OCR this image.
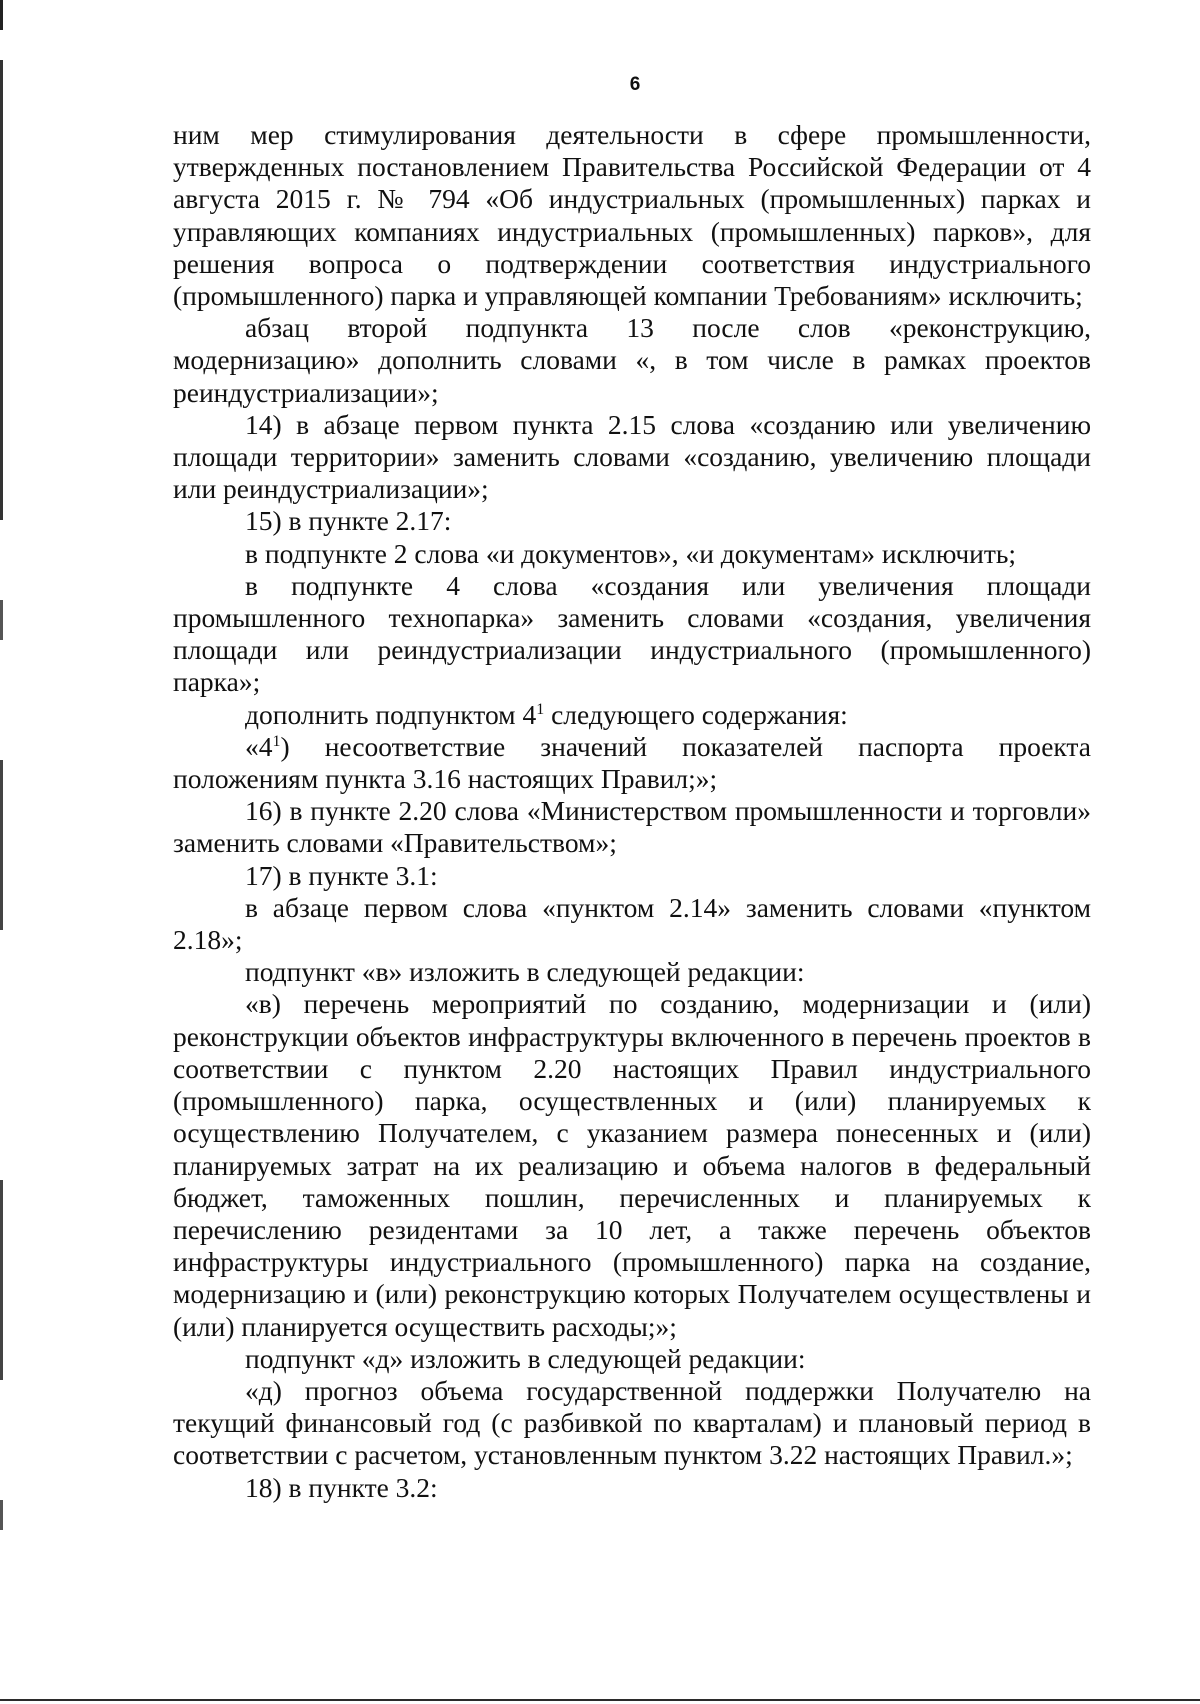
6

ним мер стимулирования деятельности в сфере промышленности, утвержденных постановлением Правительства Российской Федерации от 4 августа 2015 г. № 794 «Об индустриальных (промышленных) парках и управляющих компаниях индустриальных (промышленных) парков», для решения вопроса о подтверждении соответствия индустриального (промышленного) парка и управляющей компании Требованиям» исключить;

абзац второй подпункта 13 после слов «реконструкцию, модернизацию» дополнить словами «, в том числе в рамках проектов реиндустриализации»;

14) в абзаце первом пункта 2.15 слова «созданию или увеличению площади территории» заменить словами «созданию, увеличению площади или реиндустриализации»;

15) в пункте 2.17:

в подпункте 2 слова «и документов», «и документам» исключить;

в подпункте 4 слова «создания или увеличения площади промышленного технопарка» заменить словами «создания, увеличения площади или реиндустриализации индустриального (промышленного) парка»;

дополнить подпунктом $4^1$ следующего содержания:

«$4^1$) несоответствие значений показателей паспорта проекта положениям пункта 3.16 настоящих Правил;»;

16) в пункте 2.20 слова «Министерством промышленности и торговли» заменить словами «Правительством»;

17) в пункте 3.1:

в абзаце первом слова «пунктом 2.14» заменить словами «пунктом 2.18»;

подпункт «в» изложить в следующей редакции:

«в) перечень мероприятий по созданию, модернизации и (или) реконструкции объектов инфраструктуры включенного в перечень проектов в соответствии с пунктом 2.20 настоящих Правил индустриального (промышленного) парка, осуществленных и (или) планируемых к осуществлению Получателем, с указанием размера понесенных и (или) планируемых затрат на их реализацию и объема налогов в федеральный бюджет, таможенных пошлин, перечисленных и планируемых к перечислению резидентами за 10 лет, а также перечень объектов инфраструктуры индустриального (промышленного) парка на создание, модернизацию и (или) реконструкцию которых Получателем осуществлены и (или) планируется осуществить расходы;»;

подпункт «д» изложить в следующей редакции:

«д) прогноз объема государственной поддержки Получателю на текущий финансовый год (с разбивкой по кварталам) и плановый период в соответствии с расчетом, установленным пунктом 3.22 настоящих Правил.»;

18) в пункте 3.2:
